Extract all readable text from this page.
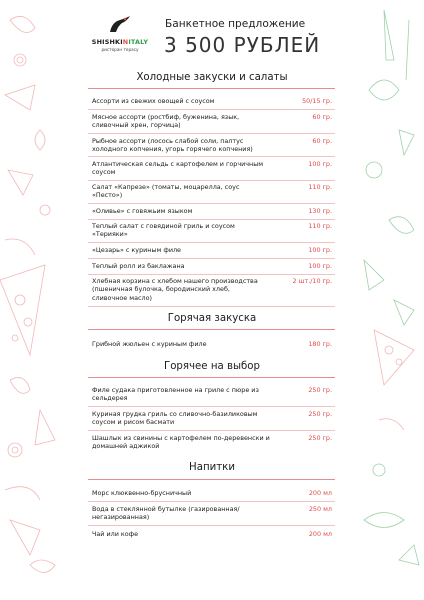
SHISHKINITALY
ристоран терасу
Банкетное предложение
3 500 РУБЛЕЙ
Холодные закуски и салаты
Ассорти из свежих овощей с соусом	50/15 гр.
Мясное ассорти (ростбиф, буженина, язык, сливочный хрен, горчица)
60 гр.
Рыбное ассорти (лосось слабой соли, палтус холодного копчения, угорь горячего копчения)
60 гр.
Атлантическая сельдь с картофелем и горчичным соусом
100 гр.
Салат «Капрезе» (томаты, моцарелла, соус «Песто»)
110 гр.
«Оливье» с говяжьим языком	130 гр.
Теплый салат с говядиной гриль и соусом «Терияки»
110 гр.
«Цезарь» с куриным филе	100 гр.
Теплый ролл из баклажана	100 гр.
Хлебная корзина с хлебом нашего производства (пшеничная булочка, бородинский хлеб, сливочное масло)
2 шт./10 гр.
Горячая закуска
Грибной жюльен с куриным филе	180 гр.
Горячее на выбор
Филе судака приготовленное на гриле с пюре из сельдерея
250 гр.
Куриная грудка гриль со сливочно-базиликовым соусом и рисом басмати
250 гр.
Шашлык из свинины с картофелем по-деревенски и домашней аджикой
250 гр.
Напитки
Морс клюквенно-брусничный	200 мл
Вода в стеклянной бутылке (газированная/негазированная)
250 мл
Чай или кофе	200 мл
